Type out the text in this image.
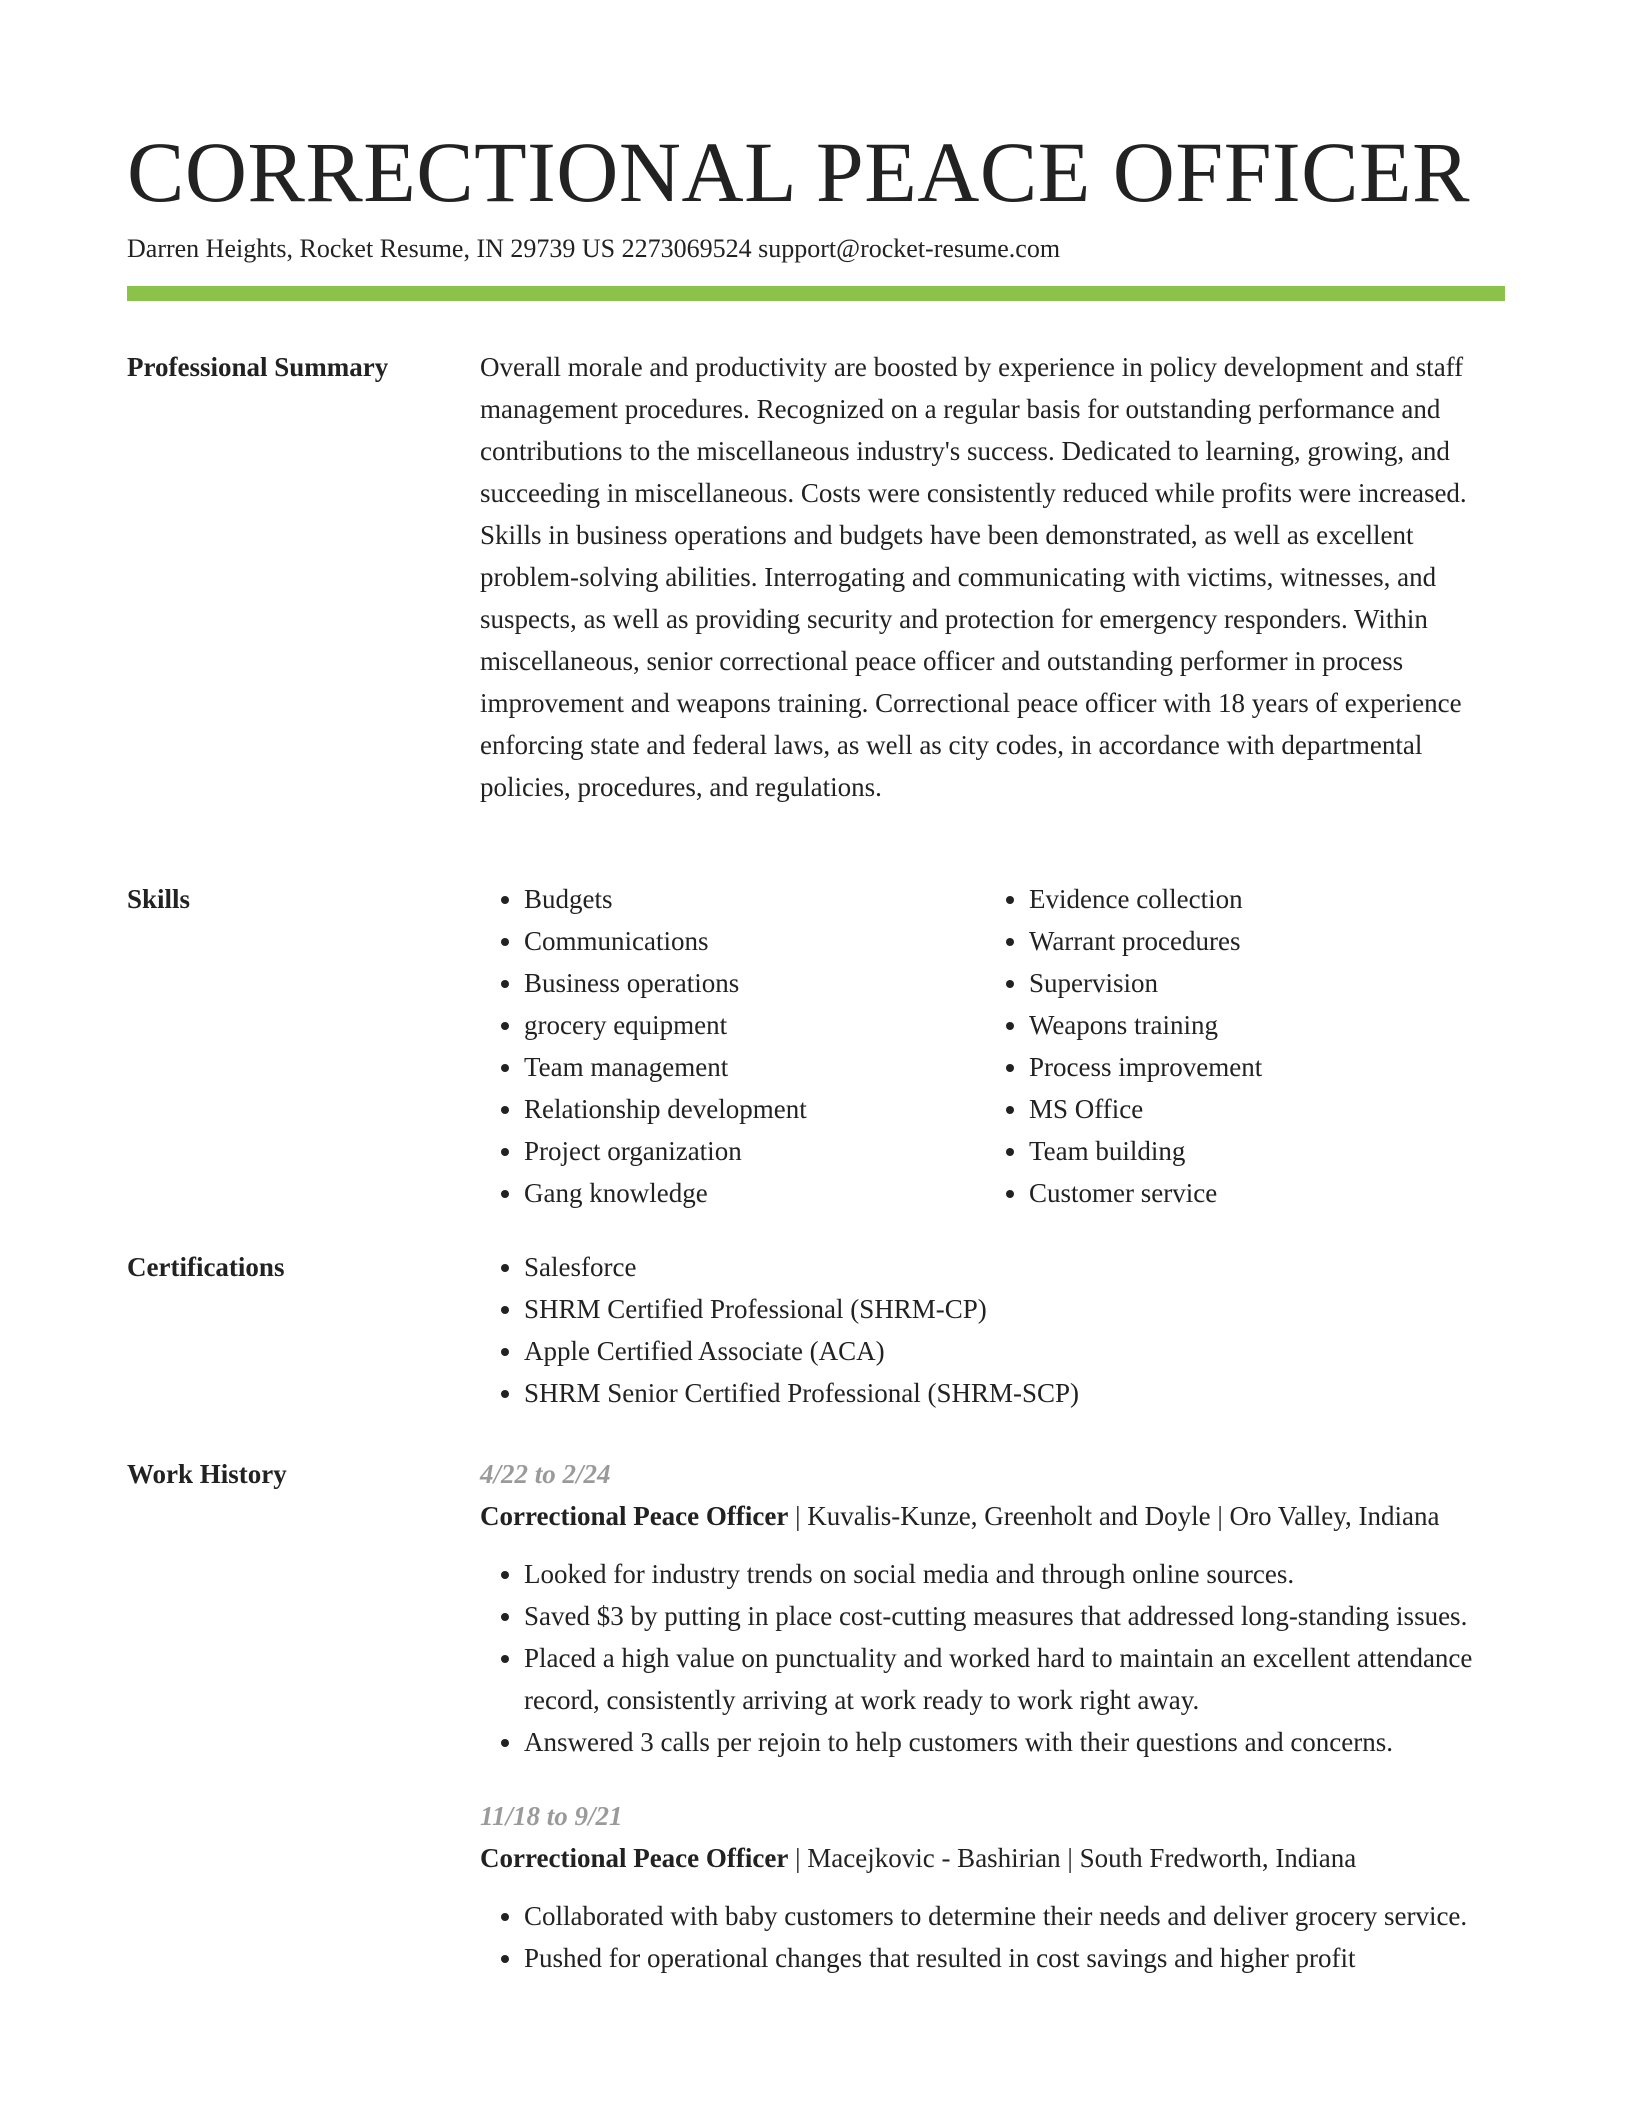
CORRECTIONAL PEACE OFFICER
Darren Heights, Rocket Resume, IN 29739 US 2273069524 support@rocket-resume.com
Professional Summary	Overall morale and productivity are boosted by experience in policy development and staff management procedures. Recognized on a regular basis for outstanding performance and contributions to the miscellaneous industry's success. Dedicated to learning, growing, and succeeding in miscellaneous. Costs were consistently reduced while profits were increased. Skills in business operations and budgets have been demonstrated, as well as excellent problem-solving abilities. Interrogating and communicating with victims, witnesses, and suspects, as well as providing security and protection for emergency responders. Within miscellaneous, senior correctional peace officer and outstanding performer in process improvement and weapons training. Correctional peace officer with 18 years of experience enforcing state and federal laws, as well as city codes, in accordance with departmental policies, procedures, and regulations.

Skills	• Budgets
• Communications
• Business operations
• grocery equipment
• Team management
• Relationship development
• Project organization
• Gang knowledge
• Evidence collection
• Warrant procedures
• Supervision
• Weapons training
• Process improvement
• MS Office
• Team building
• Customer service
Certifications	• Salesforce
• SHRM Certified Professional (SHRM-CP)
• Apple Certified Associate (ACA)
• SHRM Senior Certified Professional (SHRM-SCP)
Work History	4/22 to 2/24
Correctional Peace Officer | Kuvalis-Kunze, Greenholt and Doyle | Oro Valley, Indiana
• Looked for industry trends on social media and through online sources.
• Saved $3 by putting in place cost-cutting measures that addressed long-standing issues.
• Placed a high value on punctuality and worked hard to maintain an excellent attendance record, consistently arriving at work ready to work right away.
• Answered 3 calls per rejoin to help customers with their questions and concerns.
11/18 to 9/21
Correctional Peace Officer | Macejkovic - Bashirian | South Fredworth, Indiana
• Collaborated with baby customers to determine their needs and deliver grocery service.
• Pushed for operational changes that resulted in cost savings and higher profit
